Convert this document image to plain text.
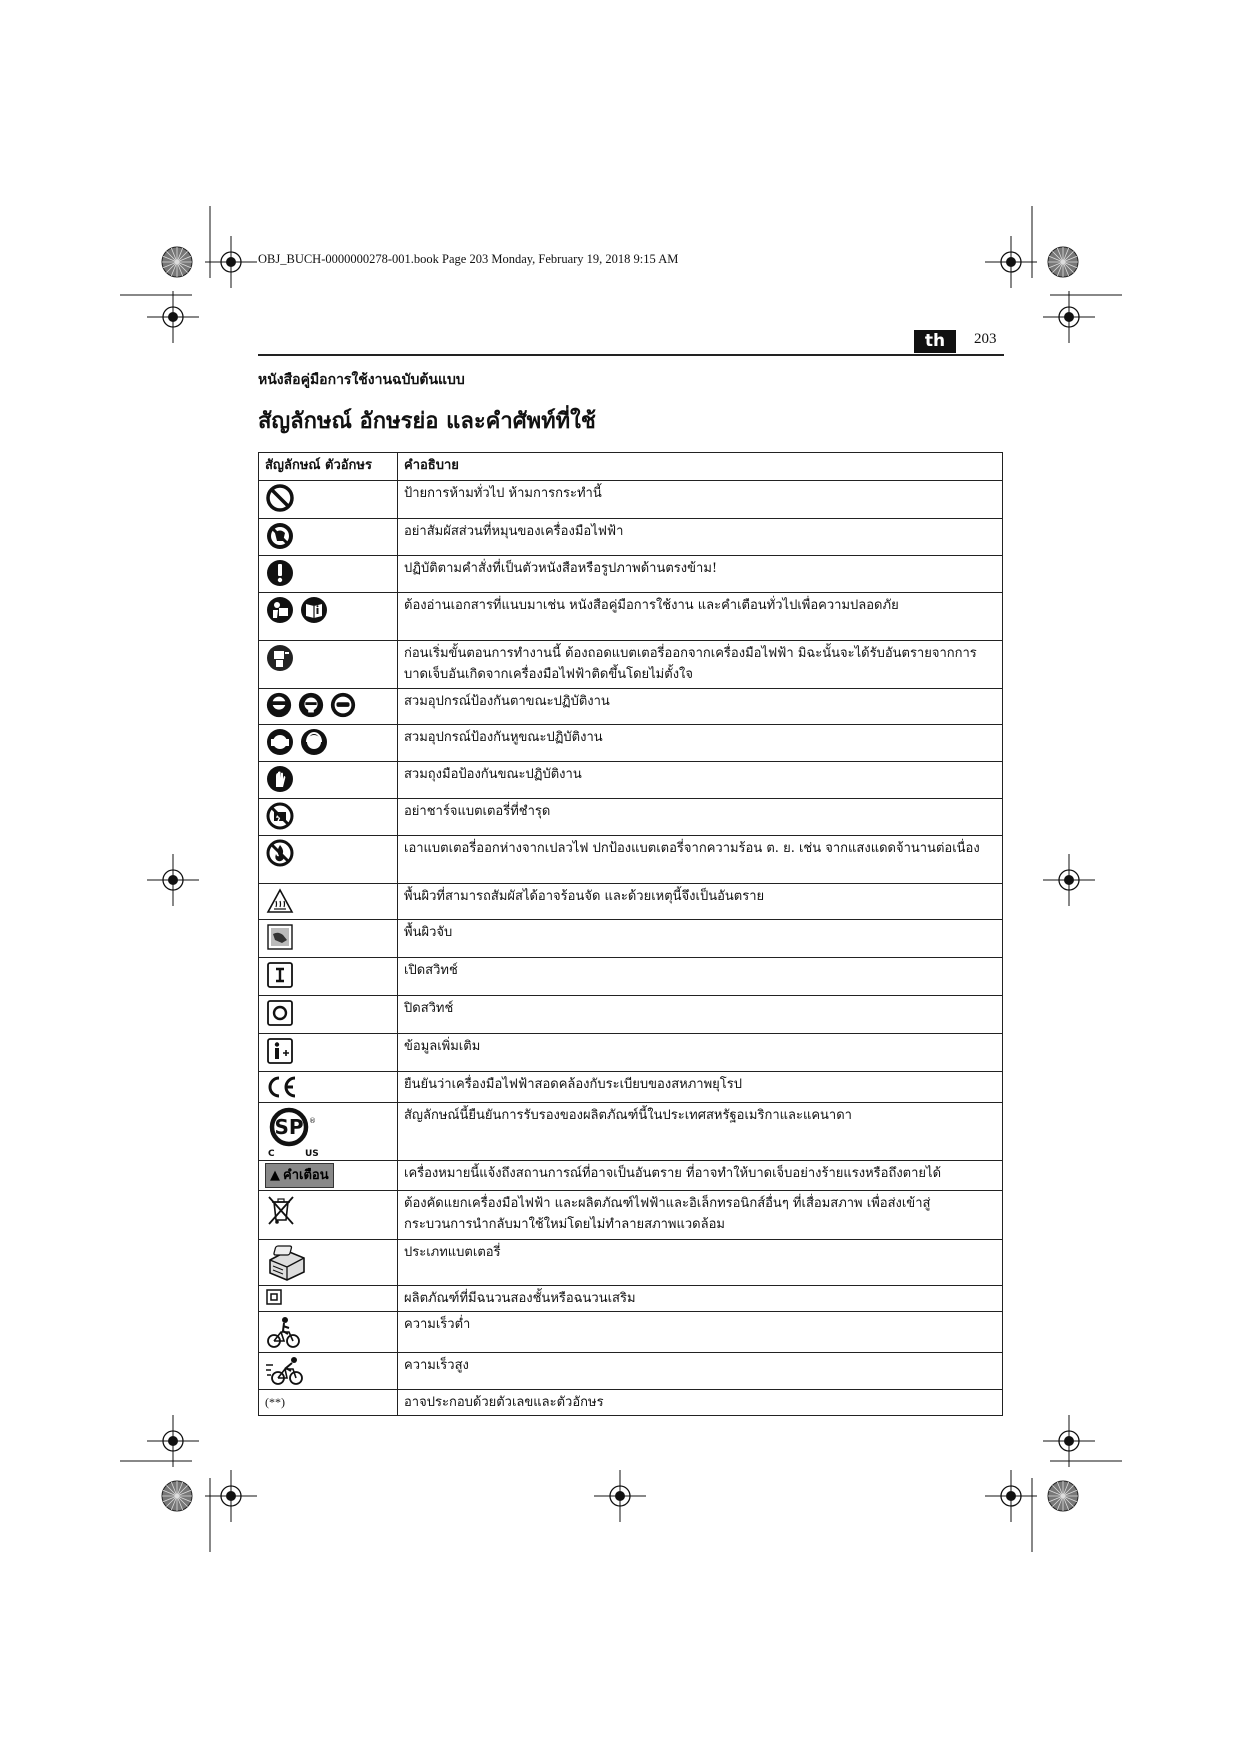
OBJ_BUCH-0000000278-001.book Page 203 Monday, February 19, 2018 9:15 AM
th	203
หนังสือคู่มือการใช้งานฉบับต้นแบบ
สัญลักษณ์ อักษรย่อ และคำศัพท์ที่ใช้
สัญลักษณ์ ตัวอักษร	คำอธิบาย

	ป้ายการห้ามทั่วไป ห้ามการกระทำนี้

	อย่าสัมผัสส่วนที่หมุนของเครื่องมือไฟฟ้า

	ปฏิบัติตามคำสั่งที่เป็นตัวหนังสือหรือรูปภาพด้านตรงข้าม!

	ต้องอ่านเอกสารที่แนบมาเช่น หนังสือคู่มือการใช้งาน และคำเตือนทั่วไปเพื่อความปลอดภัย

	ก่อนเริ่มขั้นตอนการทำงานนี้ ต้องถอดแบตเตอรี่ออกจากเครื่องมือไฟฟ้า มิฉะนั้นจะได้รับอันตรายจากการบาดเจ็บอันเกิดจากเครื่องมือไฟฟ้าติดขึ้นโดยไม่ตั้งใจ

	สวมอุปกรณ์ป้องกันตาขณะปฏิบัติงาน

	สวมอุปกรณ์ป้องกันหูขณะปฏิบัติงาน

	สวมถุงมือป้องกันขณะปฏิบัติงาน

	อย่าชาร์จแบตเตอรี่ที่ชำรุด

	เอาแบตเตอรี่ออกห่างจากเปลวไฟ ปกป้องแบตเตอรี่จากความร้อน ต. ย. เช่น จากแสงแดดจ้านานต่อเนื่อง

	พื้นผิวที่สามารถสัมผัสได้อาจร้อนจัด และด้วยเหตุนี้จึงเป็นอันตราย

	พื้นผิวจับ

	เปิดสวิทช์

	ปิดสวิทช์

	ข้อมูลเพิ่มเติม

	ยืนยันว่าเครื่องมือไฟฟ้าสอดคล้องกับระเบียบของสหภาพยุโรป

SP
C US
®	สัญลักษณ์นี้ยืนยันการรับรองของผลิตภัณฑ์นี้ในประเทศสหรัฐอเมริกาและแคนาดา

▲ คำเตือน	เครื่องหมายนี้แจ้งถึงสถานการณ์ที่อาจเป็นอันตราย ที่อาจทำให้บาดเจ็บอย่างร้ายแรงหรือถึงตายได้

	ต้องคัดแยกเครื่องมือไฟฟ้า และผลิตภัณฑ์ไฟฟ้าและอิเล็กทรอนิกส์อื่นๆ ที่เสื่อมสภาพ เพื่อส่งเข้าสู่กระบวนการนำกลับมาใช้ใหม่โดยไม่ทำลายสภาพแวดล้อม

	ประเภทแบตเตอรี่

	ผลิตภัณฑ์ที่มีฉนวนสองชั้นหรือฉนวนเสริม

	ความเร็วต่ำ

	ความเร็วสูง
(**)	อาจประกอบด้วยตัวเลขและตัวอักษร
